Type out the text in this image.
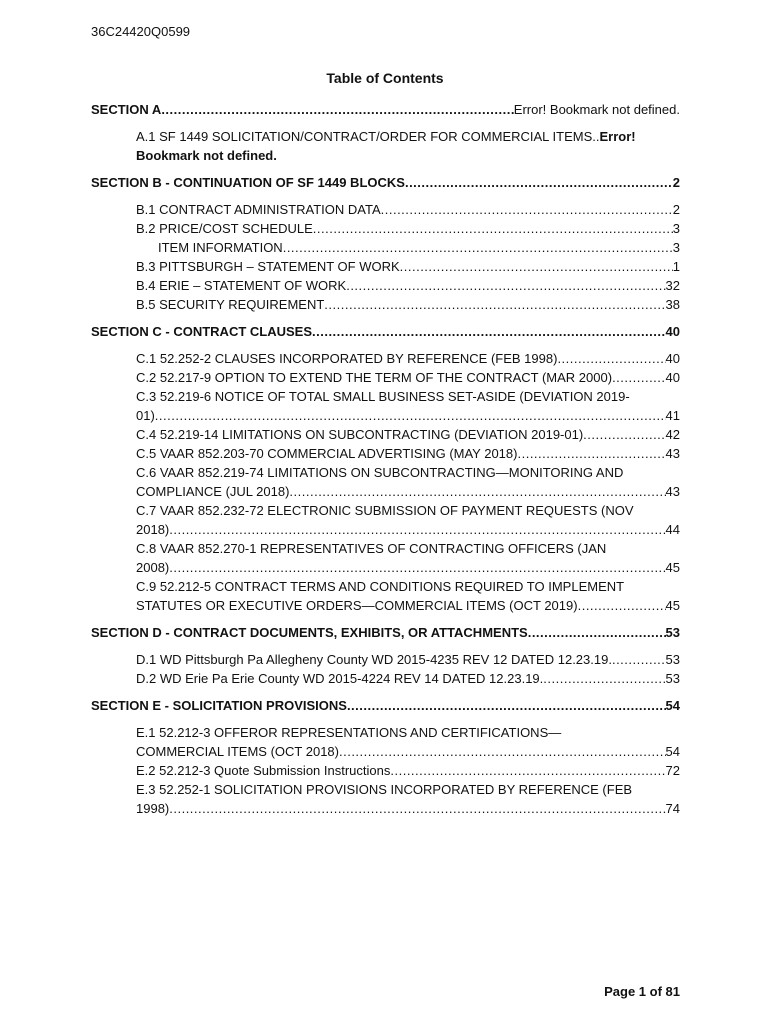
36C24420Q0599
Table of Contents
SECTION A .....	Error! Bookmark not defined.
A.1 SF 1449 SOLICITATION/CONTRACT/ORDER FOR COMMERCIAL ITEMS..Error!
Bookmark not defined.
SECTION B - CONTINUATION OF SF 1449 BLOCKS .....	2
B.1 CONTRACT ADMINISTRATION DATA .....	2
B.2 PRICE/COST SCHEDULE .....	3
ITEM INFORMATION .....	3
B.3 PITTSBURGH – STATEMENT OF WORK .....	1
B.4 ERIE – STATEMENT OF WORK .....	32
B.5 SECURITY REQUIREMENT .....	38
SECTION C - CONTRACT CLAUSES .....	40
C.1 52.252-2 CLAUSES INCORPORATED BY REFERENCE (FEB 1998) .....	40
C.2 52.217-9 OPTION TO EXTEND THE TERM OF THE CONTRACT (MAR 2000) .....	40
C.3 52.219-6 NOTICE OF TOTAL SMALL BUSINESS SET-ASIDE (DEVIATION 2019-
01) .....	41
C.4 52.219-14 LIMITATIONS ON SUBCONTRACTING (DEVIATION 2019-01) .....	42
C.5 VAAR 852.203-70 COMMERCIAL ADVERTISING (MAY 2018) .....	43
C.6 VAAR 852.219-74 LIMITATIONS ON SUBCONTRACTING—MONITORING AND
COMPLIANCE (JUL 2018) .....	43
C.7 VAAR 852.232-72 ELECTRONIC SUBMISSION OF PAYMENT REQUESTS (NOV
2018) .....	44
C.8 VAAR 852.270-1 REPRESENTATIVES OF CONTRACTING OFFICERS (JAN
2008) .....	45
C.9 52.212-5 CONTRACT TERMS AND CONDITIONS REQUIRED TO IMPLEMENT
STATUTES OR EXECUTIVE ORDERS—COMMERCIAL ITEMS (OCT 2019) .....	45
SECTION D - CONTRACT DOCUMENTS, EXHIBITS, OR ATTACHMENTS .....	53
D.1 WD Pittsburgh Pa Allegheny County WD 2015-4235 REV 12 DATED 12.23.19. .....	53
D.2 WD Erie Pa Erie County WD 2015-4224 REV 14 DATED 12.23.19. .....	53
SECTION E - SOLICITATION PROVISIONS .....	54
E.1 52.212-3 OFFEROR REPRESENTATIONS AND CERTIFICATIONS—
COMMERCIAL ITEMS (OCT 2018) .....	54
E.2 52.212-3 Quote Submission Instructions .....	72
E.3 52.252-1 SOLICITATION PROVISIONS INCORPORATED BY REFERENCE (FEB
1998) .....	74
Page 1 of 81
